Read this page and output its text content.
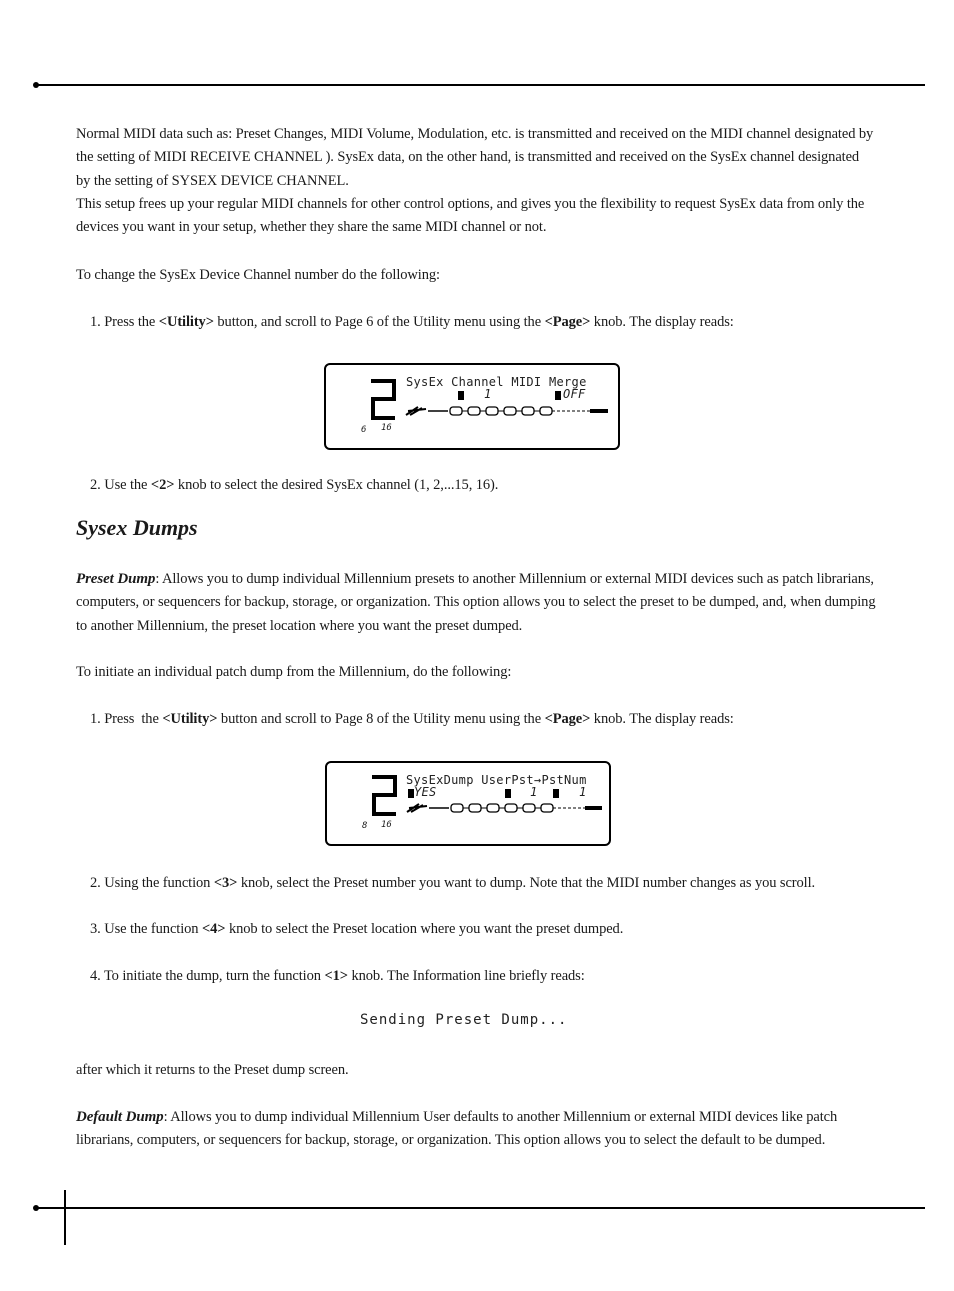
Normal MIDI data such as: Preset Changes, MIDI Volume, Modulation, etc. is transmitted and received on the MIDI channel designated by the setting of MIDI RECEIVE CHANNEL ). SysEx data, on the other hand, is transmitted and received on the SysEx channel designated by the setting of SYSEX DEVICE CHANNEL.
This setup frees up your regular MIDI channels for other control options, and gives you the flexibility to request SysEx data from only the devices you want in your setup, whether they share the same MIDI channel or not.

To change the SysEx Device Channel number do the following:

1. Press the <Utility> button, and scroll to Page 6 of the Utility menu using the <Page> knob. The display reads:

SysEx Channel MIDI Merge
1	OFF
6 16

2. Use the <2> knob to select the desired SysEx channel (1, 2,...15, 16).

Sysex Dumps

Preset Dump: Allows you to dump individual Millennium presets to another Millennium or external MIDI devices such as patch librarians, computers, or sequencers for backup, storage, or organization. This option allows you to select the preset to be dumped, and, when dumping to another Millennium, the preset location where you want the preset dumped.

To initiate an individual patch dump from the Millennium, do the following:

1. Press  the <Utility> button and scroll to Page 8 of the Utility menu using the <Page> knob. The display reads:

SysExDump UserPst→PstNum
YES	1	1
8 16

2. Using the function <3> knob, select the Preset number you want to dump. Note that the MIDI number changes as you scroll.

3. Use the function <4> knob to select the Preset location where you want the preset dumped.

4. To initiate the dump, turn the function <1> knob. The Information line briefly reads:

Sending Preset Dump...

after which it returns to the Preset dump screen.

Default Dump: Allows you to dump individual Millennium User defaults to another Millennium or external MIDI devices like patch librarians, computers, or sequencers for backup, storage, or organization. This option allows you to select the default to be dumped.
